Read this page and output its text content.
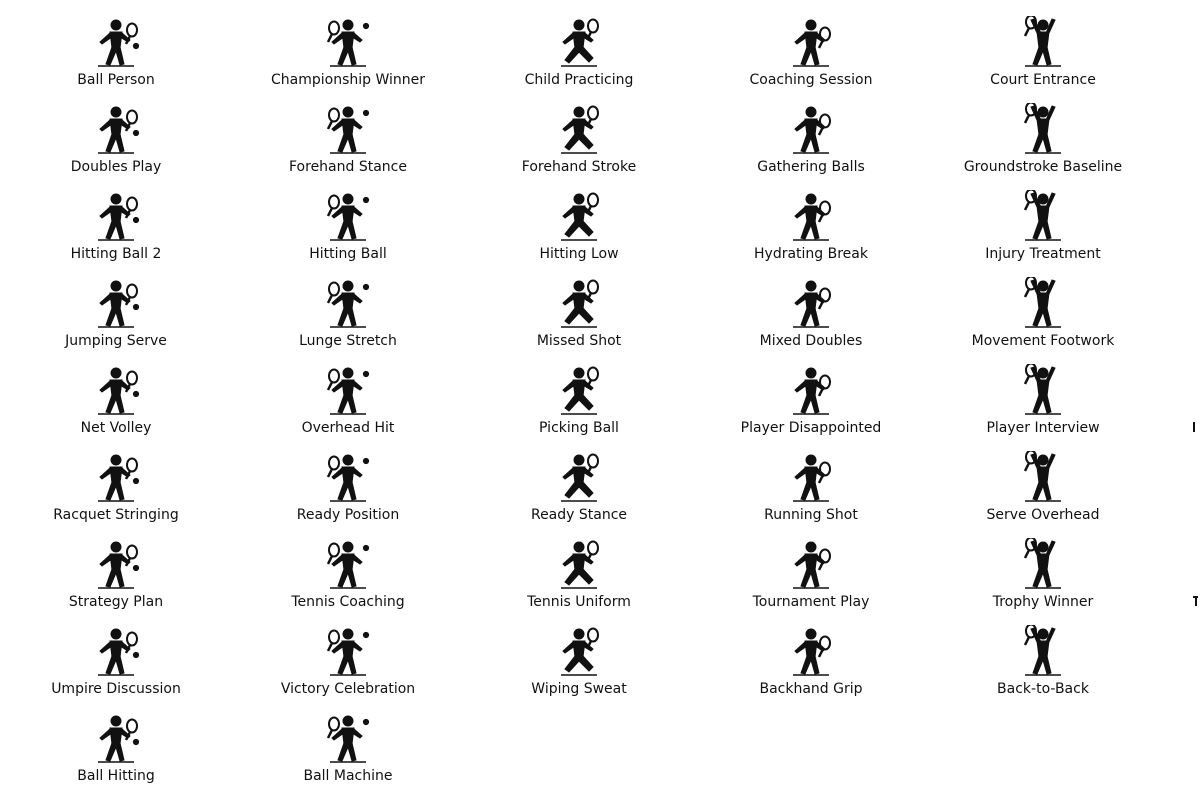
Ball Person	Championship Winner	Child Practicing	Coaching Session	Court Entrance
Doubles Play	Forehand Stance	Forehand Stroke	Gathering Balls	Groundstroke Baseline
Hitting Ball 2	Hitting Ball	Hitting Low	Hydrating Break	Injury Treatment
Jumping Serve	Lunge Stretch	Missed Shot	Mixed Doubles	Movement Footwork
Net Volley	Overhead Hit	Picking Ball	Player Disappointed	Player Interview
Racquet Stringing	Ready Position	Ready Stance	Running Shot	Serve Overhead
Strategy Plan	Tennis Coaching	Tennis Uniform	Tournament Play	Trophy Winner
Umpire Discussion	Victory Celebration	Wiping Sweat	Backhand Grip	Back-to-Back
Ball Hitting	Ball Machine
